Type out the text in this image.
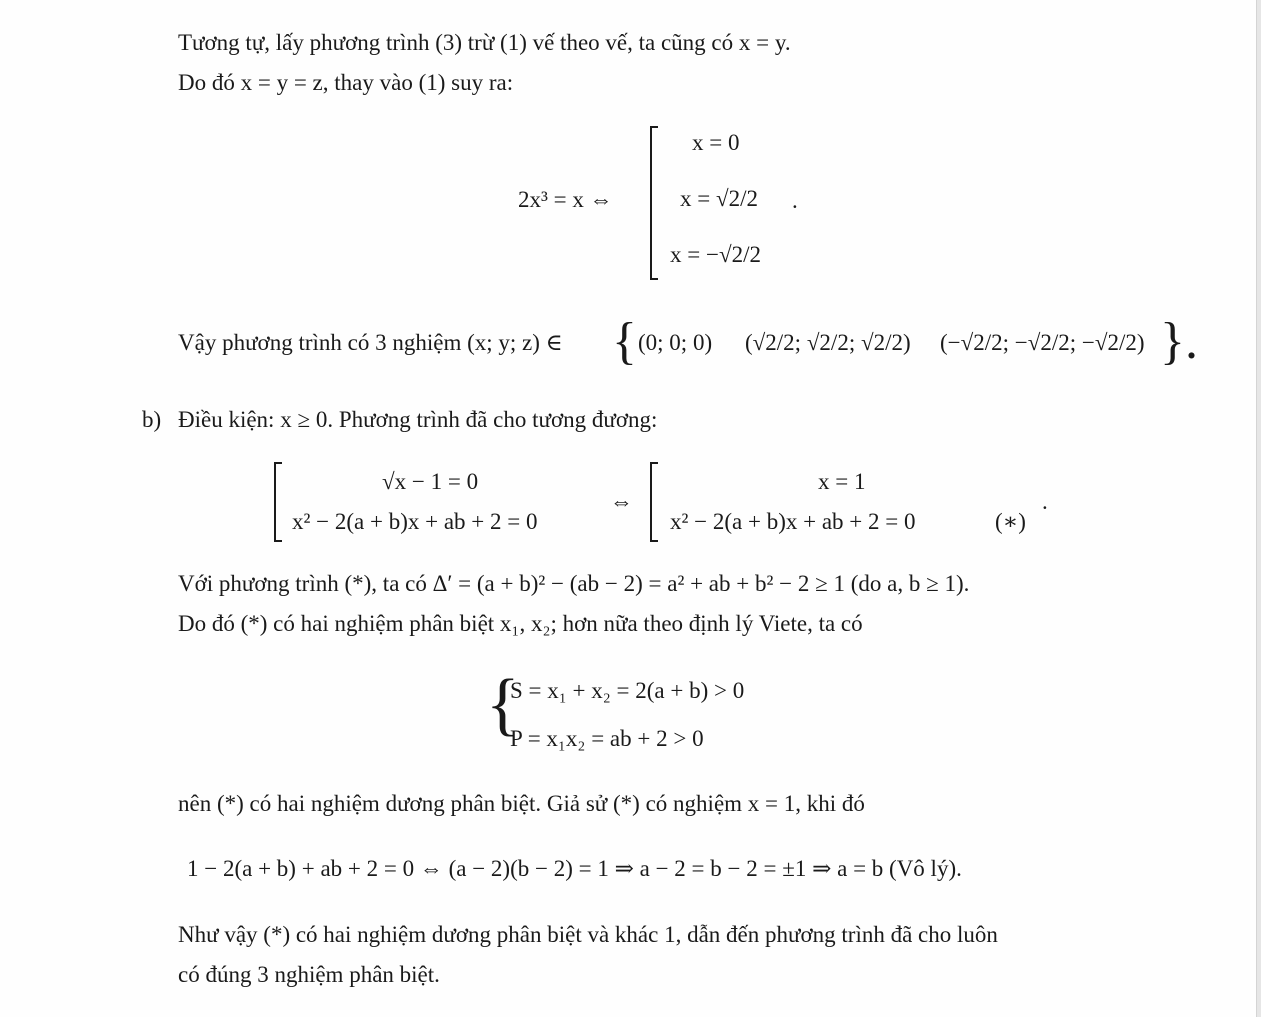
Tương tự, lấy phương trình (3) trừ (1) vế theo vế, ta cũng có x = y.
Do đó x = y = z, thay vào (1) suy ra:
2x³ = x ⇔
x = 0
x = √2/2
x = −√2/2
.
Vậy phương trình có 3 nghiệm (x; y; z) ∈ { (0; 0; 0) (√2/2; √2/2; √2/2) (−√2/2; −√2/2; −√2/2) }.
b) Điều kiện: x ≥ 0. Phương trình đã cho tương đương:
√x − 1 = 0
x² − 2(a + b)x + ab + 2 = 0
⇔
x = 1
x² − 2(a + b)x + ab + 2 = 0	(∗)
.
Với phương trình (*), ta có Δ′ = (a + b)² − (ab − 2) = a² + ab + b² − 2 ≥ 1 (do a, b ≥ 1).
Do đó (*) có hai nghiệm phân biệt x₁, x₂; hơn nữa theo định lý Viete, ta có
{
S = x₁ + x₂ = 2(a + b) > 0
P = x₁x₂ = ab + 2 > 0
nên (*) có hai nghiệm dương phân biệt. Giả sử (*) có nghiệm x = 1, khi đó
1 − 2(a + b) + ab + 2 = 0 ⇔ (a − 2)(b − 2) = 1 ⇒ a − 2 = b − 2 = ±1 ⇒ a = b (Vô lý).
Như vậy (*) có hai nghiệm dương phân biệt và khác 1, dẫn đến phương trình đã cho luôn
có đúng 3 nghiệm phân biệt.
